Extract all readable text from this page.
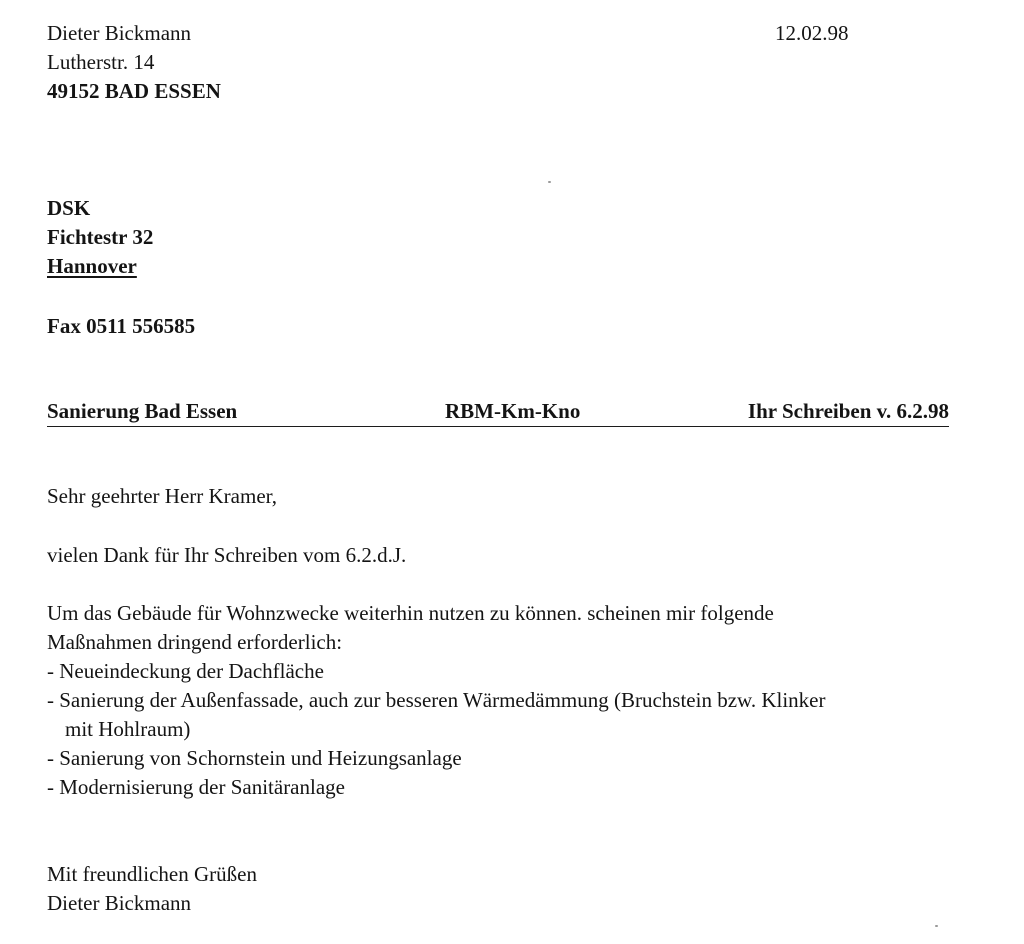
Dieter Bickmann
Lutherstr. 14
49152 BAD ESSEN
12.02.98
DSK
Fichtestr 32
Hannover
Fax 0511 556585
Sanierung Bad Essen	RBM-Km-Kno	Ihr Schreiben v. 6.2.98
Sehr geehrter Herr Kramer,
vielen Dank für Ihr Schreiben vom 6.2.d.J.
Um das Gebäude für Wohnzwecke weiterhin nutzen zu können. scheinen mir folgende
Maßnahmen dringend erforderlich:
- Neueindeckung der Dachfläche
- Sanierung der Außenfassade, auch zur besseren Wärmedämmung (Bruchstein bzw. Klinker
mit Hohlraum)
- Sanierung von Schornstein und Heizungsanlage
- Modernisierung der Sanitäranlage
Mit freundlichen Grüßen
Dieter Bickmann
